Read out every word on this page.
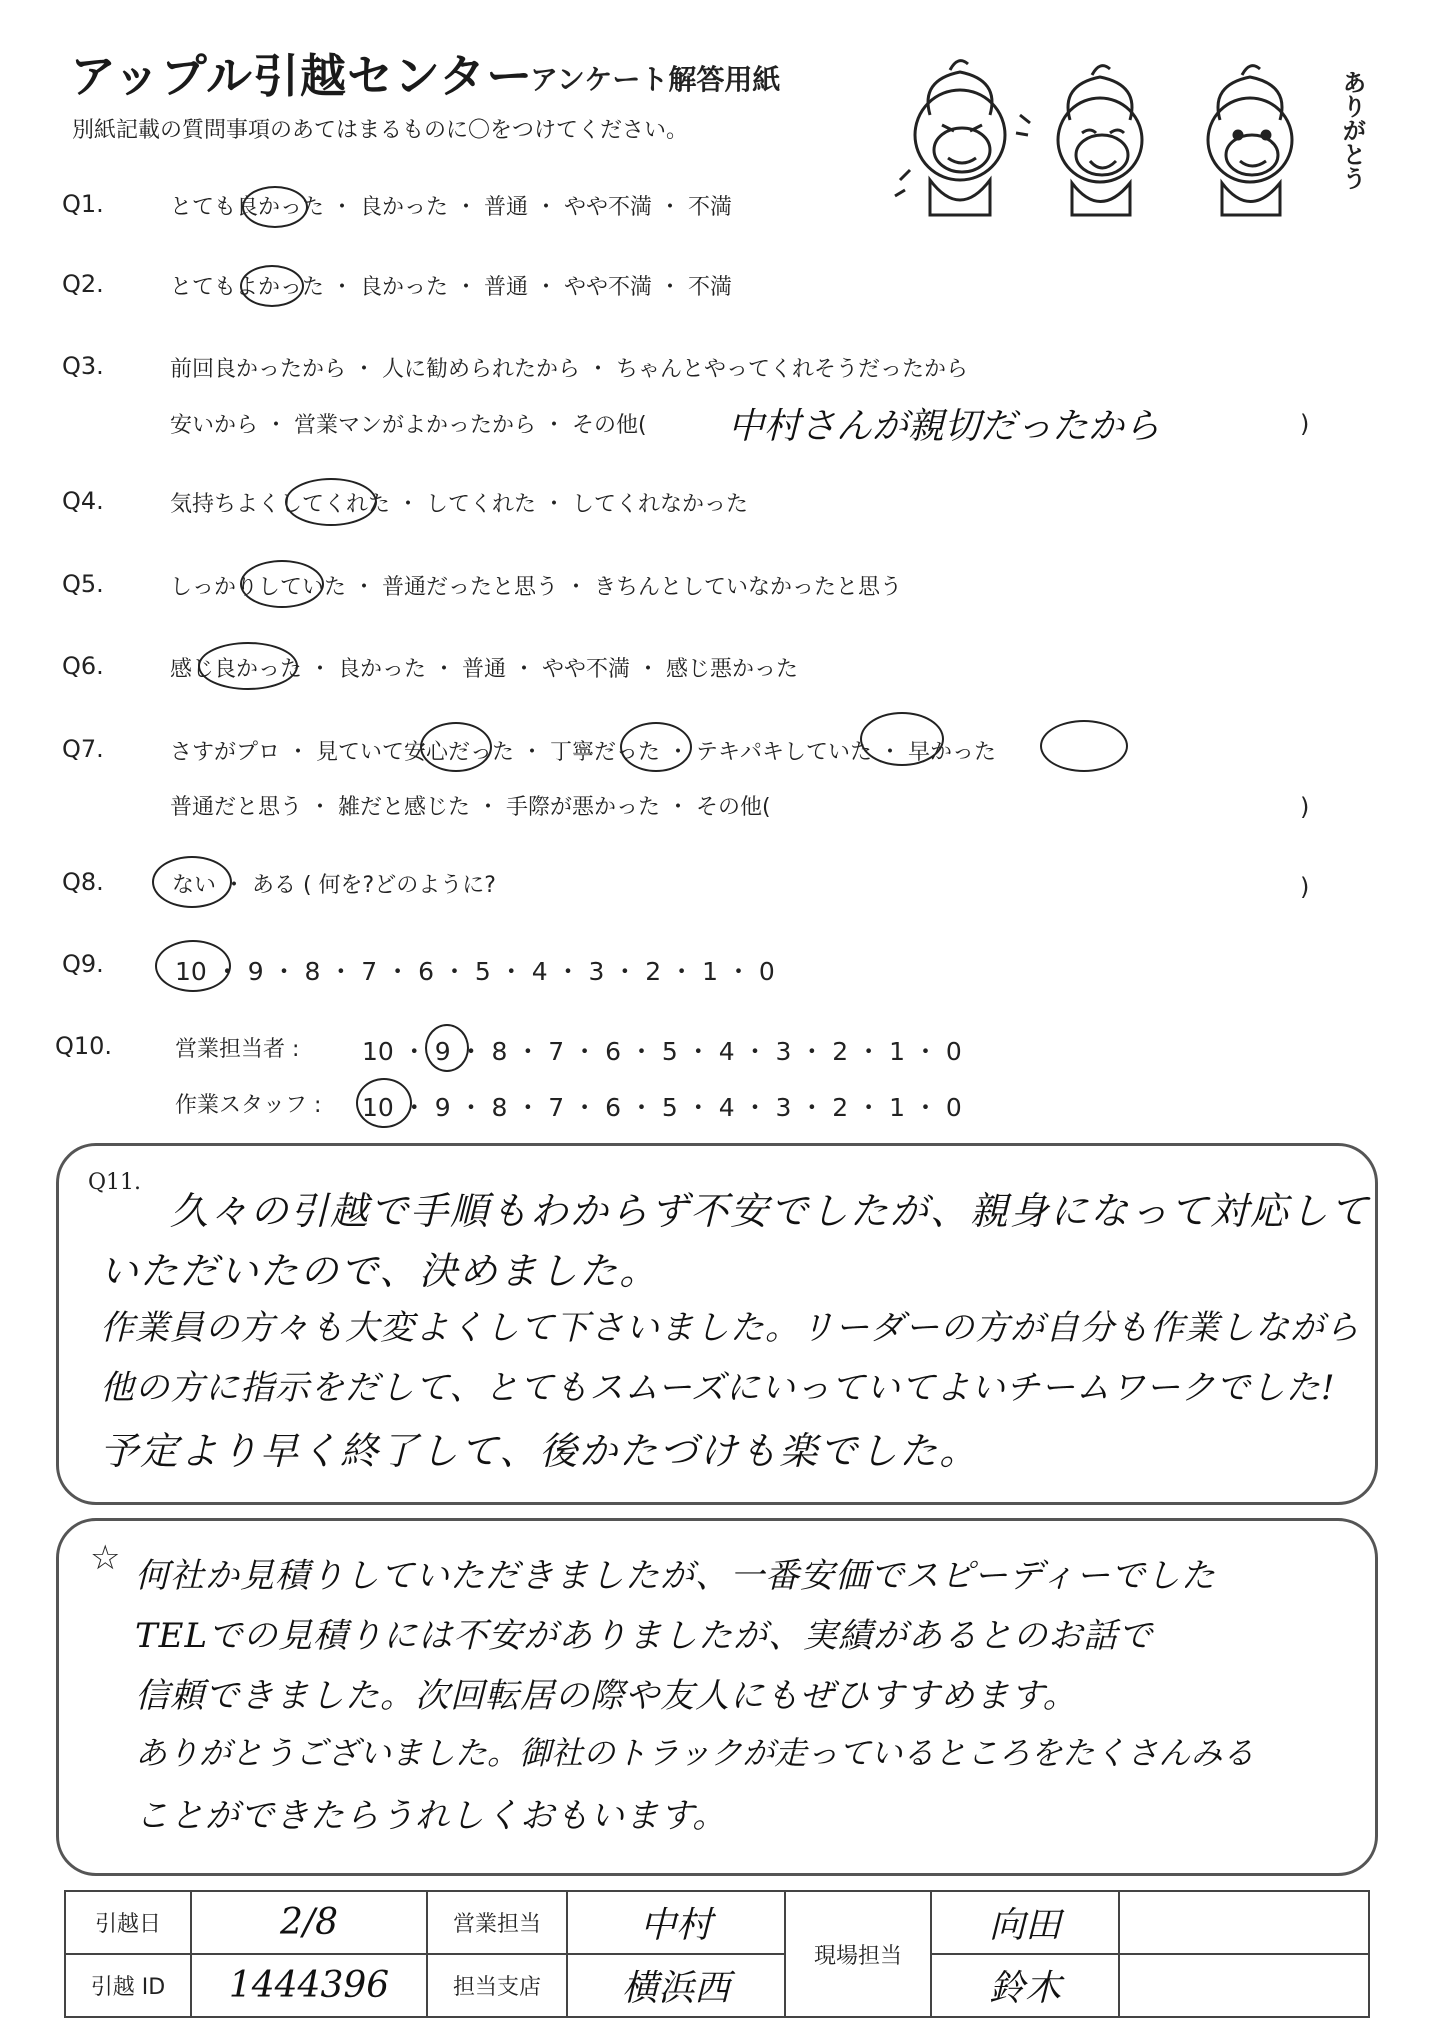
アップル引越センター
アンケート解答用紙
別紙記載の質問事項のあてはまるものに〇をつけてください。	ありがとう
Q1.	とても良かった ・ 良かった ・ 普通 ・ やや不満 ・ 不満
Q2.	とてもよかった ・ 良かった ・ 普通 ・ やや不満 ・ 不満
Q3.	前回良かったから ・ 人に勧められたから ・ ちゃんとやってくれそうだったから
安いから ・ 営業マンがよかったから ・ その他( 中村さんが親切だったから	)
Q4.	気持ちよくしてくれた ・ してくれた ・ してくれなかった
Q5.	しっかりしていた ・ 普通だったと思う ・ きちんとしていなかったと思う
Q6.	感じ良かった ・ 良かった ・ 普通 ・ やや不満 ・ 感じ悪かった
Q7.	さすがプロ ・ 見ていて安心だった ・ 丁寧だった ・ テキパキしていた ・ 早かった
普通だと思う ・ 雑だと感じた ・ 手際が悪かった ・ その他(	)
Q8.	ない ・ ある ( 何を?どのように?	)
Q9.	10 ・ 9 ・ 8 ・ 7 ・ 6 ・ 5 ・ 4 ・ 3 ・ 2 ・ 1 ・ 0
Q10.	営業担当者 :	10 ・ 9 ・ 8 ・ 7 ・ 6 ・ 5 ・ 4 ・ 3 ・ 2 ・ 1 ・ 0
作業スタッフ : 10 ・ 9 ・ 8 ・ 7 ・ 6 ・ 5 ・ 4 ・ 3 ・ 2 ・ 1 ・ 0
Q11.
久々の引越で手順もわからず不安でしたが、親身になって対応して
いただいたので、決めました。
作業員の方々も大変よくして下さいました。リーダーの方が自分も作業しながら
他の方に指示をだして、とてもスムーズにいっていてよいチームワークでした!
予定より早く終了して、後かたづけも楽でした。
☆ 何社か見積りしていただきましたが、一番安価でスピーディーでした
TELでの見積りには不安がありましたが、実績があるとのお話で
信頼できました。次回転居の際や友人にもぜひすすめます。
ありがとうございました。御社のトラックが走っているところをたくさんみる
ことができたらうれしくおもいます。
引越日	2/8	営業担当	中村	現場担当	向田	
引越 ID	1444396	担当支店	横浜西		鈴木	
